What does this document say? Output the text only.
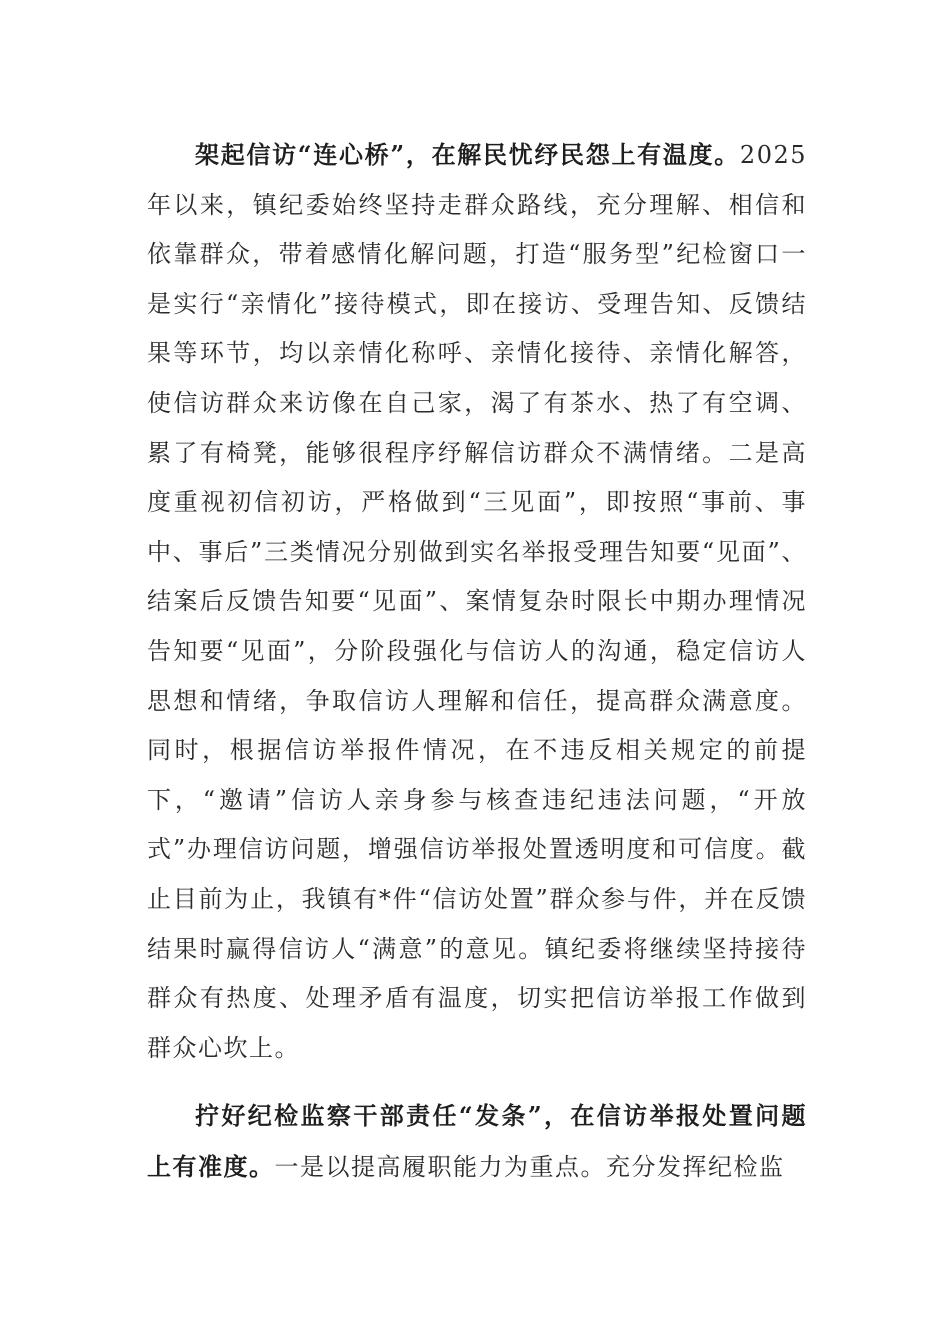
架起信访“连心桥”，在解民忧纾民怨上有温度。2025年以来，镇纪委始终坚持走群众路线，充分理解、相信和依靠群众，带着感情化解问题，打造“服务型”纪检窗口一是实行“亲情化”接待模式，即在接访、受理告知、反馈结果等环节，均以亲情化称呼、亲情化接待、亲情化解答，使信访群众来访像在自己家，渴了有茶水、热了有空调、累了有椅凳，能够很程序纾解信访群众不满情绪。二是高度重视初信初访，严格做到“三见面”，即按照“事前、事中、事后”三类情况分别做到实名举报受理告知要“见面”、结案后反馈告知要“见面”、案情复杂时限长中期办理情况告知要“见面”，分阶段强化与信访人的沟通，稳定信访人思想和情绪，争取信访人理解和信任，提高群众满意度。同时，根据信访举报件情况，在不违反相关规定的前提下，“邀请”信访人亲身参与核查违纪违法问题，“开放式”办理信访问题，增强信访举报处置透明度和可信度。截止目前为止，我镇有*件“信访处置”群众参与件，并在反馈结果时赢得信访人“满意”的意见。镇纪委将继续坚持接待群众有热度、处理矛盾有温度，切实把信访举报工作做到群众心坎上。

拧好纪检监察干部责任“发条”，在信访举报处置问题上有准度。一是以提高履职能力为重点。充分发挥纪检监
